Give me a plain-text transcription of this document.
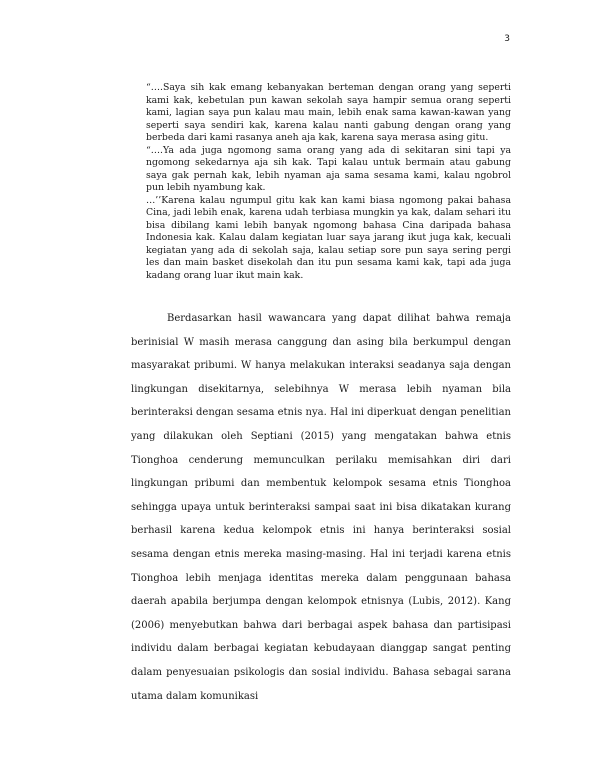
3

“….Saya sih kak emang kebanyakan berteman dengan orang yang seperti kami kak, kebetulan pun kawan sekolah saya hampir semua orang seperti kami, lagian saya pun kalau mau main, lebih enak sama kawan-kawan yang seperti saya sendiri kak, karena kalau nanti gabung dengan orang yang berbeda dari kami rasanya aneh aja kak, karena saya merasa asing gitu.

“….Ya ada juga ngomong sama orang yang ada di sekitaran sini tapi ya ngomong sekedarnya aja sih kak. Tapi kalau untuk bermain atau gabung saya gak pernah kak, lebih nyaman aja sama sesama kami, kalau ngobrol pun lebih nyambung kak.

…’’Karena kalau ngumpul gitu kak kan kami biasa ngomong pakai bahasa Cina, jadi lebih enak, karena udah terbiasa mungkin ya kak, dalam sehari itu bisa dibilang kami lebih banyak ngomong bahasa Cina daripada bahasa Indonesia kak. Kalau dalam kegiatan luar saya jarang ikut juga kak, kecuali kegiatan yang ada di sekolah saja, kalau setiap sore pun saya sering pergi les dan main basket disekolah dan itu pun sesama kami kak, tapi ada juga kadang orang luar ikut main kak.

Berdasarkan hasil wawancara yang dapat dilihat bahwa remaja berinisial W masih merasa canggung dan asing bila berkumpul dengan masyarakat pribumi. W hanya melakukan interaksi seadanya saja dengan lingkungan disekitarnya, selebihnya W merasa lebih nyaman bila berinteraksi dengan sesama etnis nya. Hal ini diperkuat dengan penelitian yang dilakukan oleh Septiani (2015) yang mengatakan bahwa etnis Tionghoa cenderung memunculkan perilaku memisahkan diri dari lingkungan pribumi dan membentuk kelompok sesama etnis Tionghoa sehingga upaya untuk berinteraksi sampai saat ini bisa dikatakan kurang berhasil karena kedua kelompok etnis ini hanya berinteraksi sosial sesama dengan etnis mereka masing-masing. Hal ini terjadi karena etnis Tionghoa lebih menjaga identitas mereka dalam penggunaan bahasa daerah apabila berjumpa dengan kelompok etnisnya (Lubis, 2012). Kang (2006) menyebutkan bahwa dari berbagai aspek bahasa dan partisipasi individu dalam berbagai kegiatan kebudayaan dianggap sangat penting dalam penyesuaian psikologis dan sosial individu. Bahasa sebagai sarana utama dalam komunikasi
